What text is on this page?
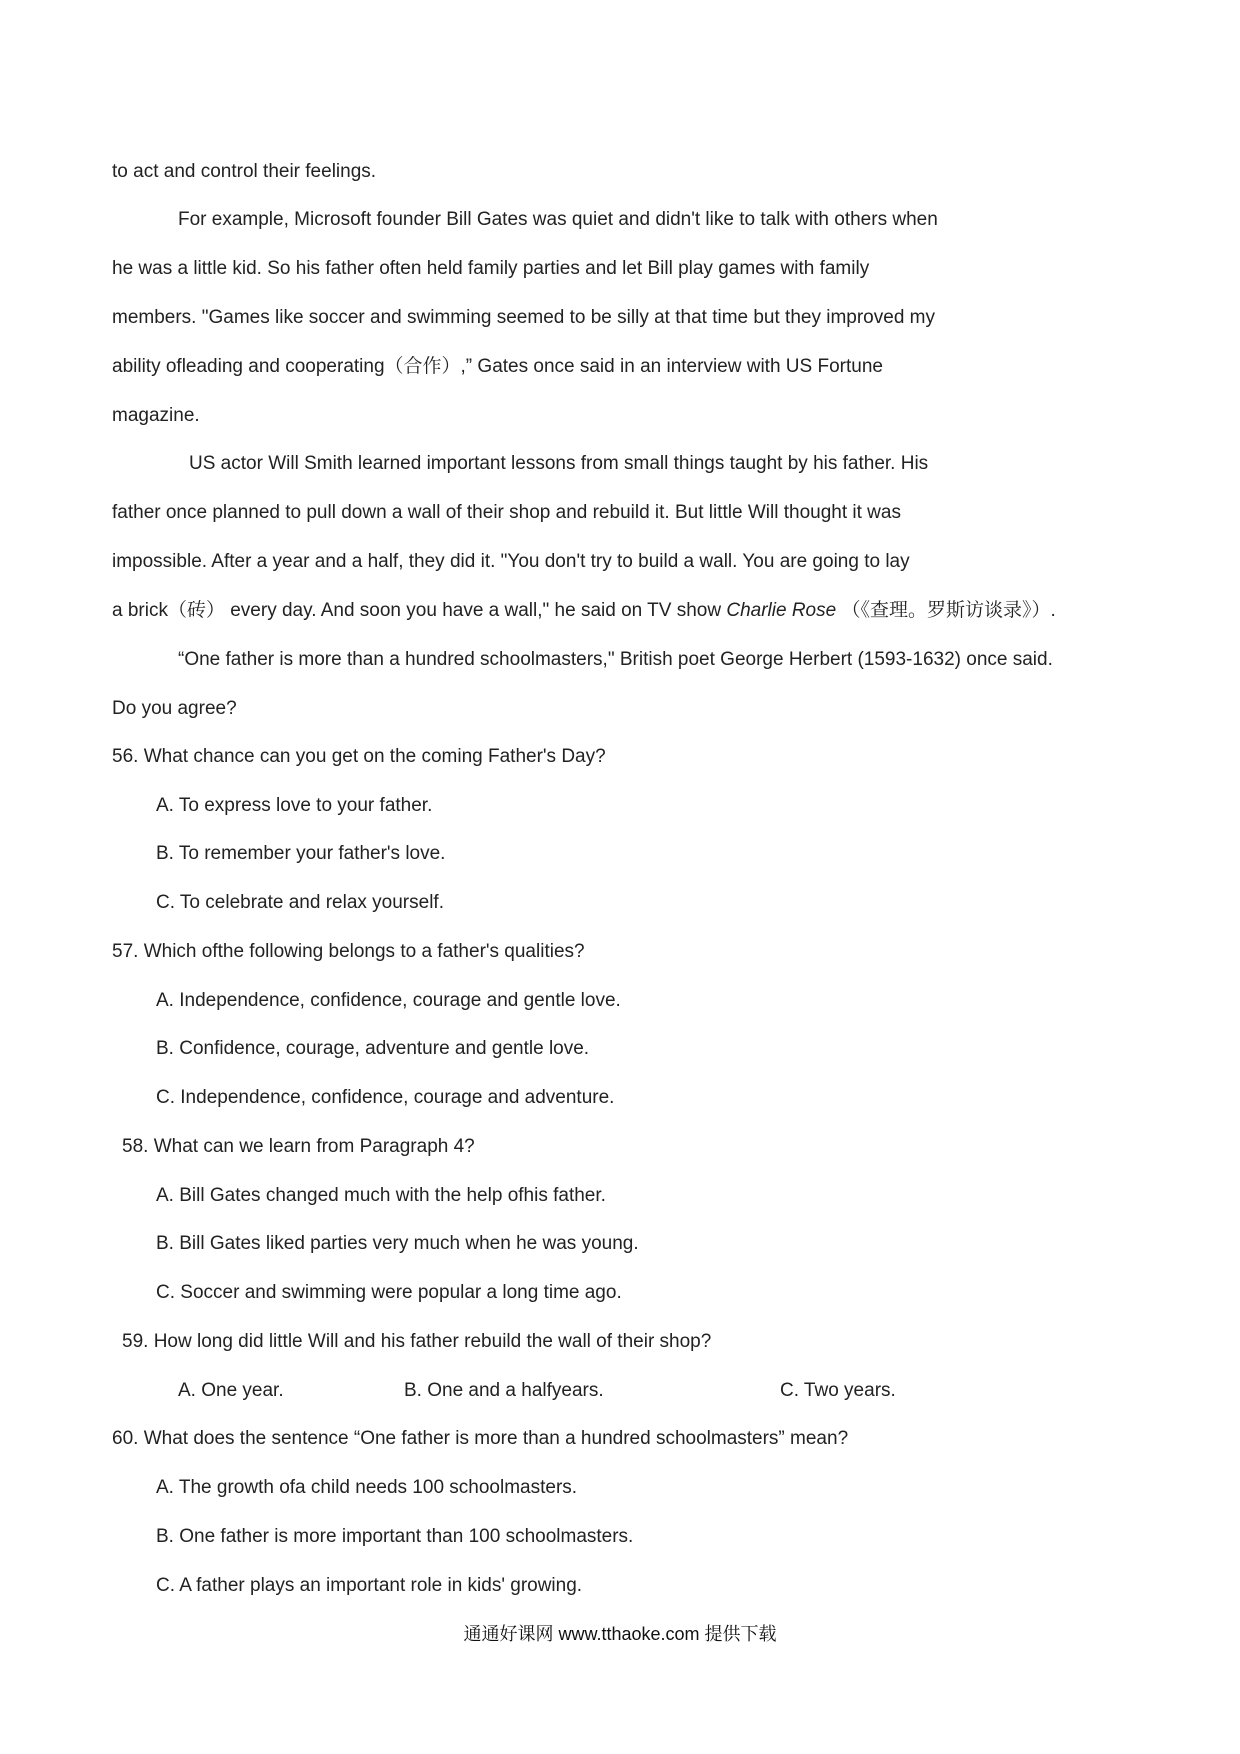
to act and control their feelings.
For example, Microsoft founder Bill Gates was quiet and didn't like to talk with others when
he was a little kid. So his father often held family parties and let Bill play games with family
members. "Games like soccer and swimming seemed to be silly at that time but they improved my
ability ofleading and cooperating（合作）,” Gates once said in an interview with US Fortune
magazine.
US actor Will Smith learned important lessons from small things taught by his father. His
father once planned to pull down a wall of their shop and rebuild it. But little Will thought it was
impossible. After a year and a half, they did it. "You don't try to build a wall. You are going to lay
a brick（砖） every day. And soon you have a wall," he said on TV show Charlie Rose （《查理。罗斯访谈录》）.
“One father is more than a hundred schoolmasters," British poet George Herbert (1593-1632) once said.
Do you agree?
56. What chance can you get on the coming Father's Day?
A. To express love to your father.
B. To remember your father's love.
C. To celebrate and relax yourself.
57. Which ofthe following belongs to a father's qualities?
A. Independence, confidence, courage and gentle love.
B. Confidence, courage, adventure and gentle love.
C. Independence, confidence, courage and adventure.
58. What can we learn from Paragraph 4?
A. Bill Gates changed much with the help ofhis father.
B. Bill Gates liked parties very much when he was young.
C. Soccer and swimming were popular a long time ago.
59. How long did little Will and his father rebuild the wall of their shop?
A. One year.	B. One and a halfyears.	C. Two years.
60. What does the sentence “One father is more than a hundred schoolmasters” mean?
A. The growth ofa child needs 100 schoolmasters.
B. One father is more important than 100 schoolmasters.
C. A father plays an important role in kids' growing.
通通好课网 www.tthaoke.com 提供下载
